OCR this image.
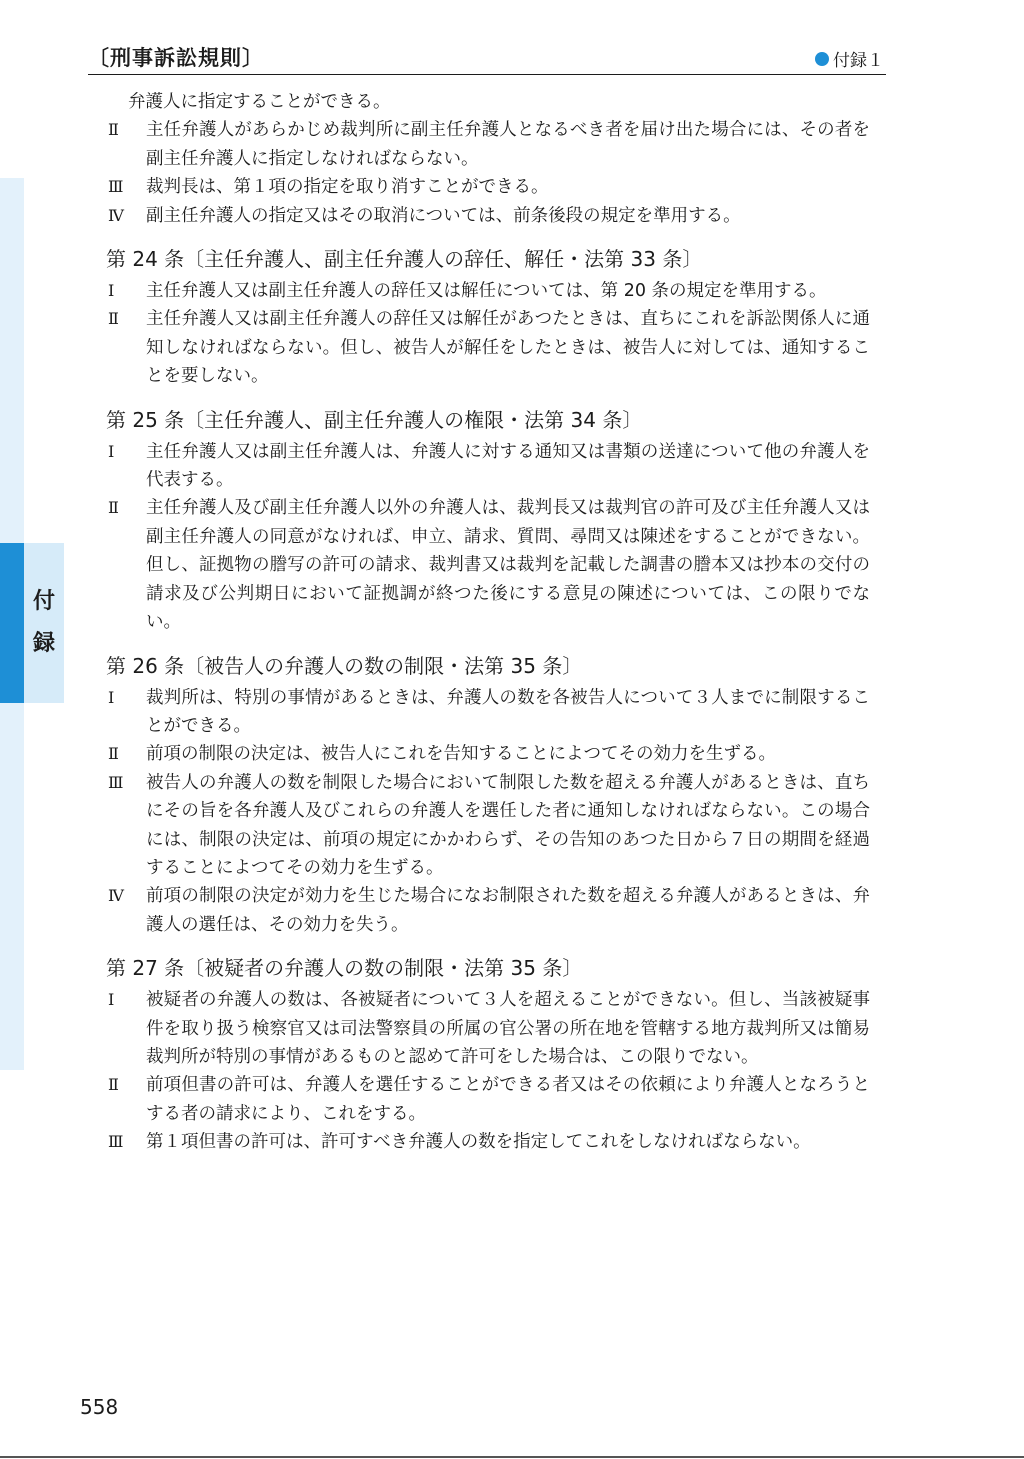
〔刑事訴訟規則〕	付録１
付
録
弁護人に指定することができる。
Ⅱ	主任弁護人があらかじめ裁判所に副主任弁護人となるべき者を届け出た場合には、その者を副主任弁護人に指定しなければならない。
Ⅲ	裁判長は、第１項の指定を取り消すことができる。
Ⅳ	副主任弁護人の指定又はその取消については、前条後段の規定を準用する。
第 24 条〔主任弁護人、副主任弁護人の辞任、解任・法第 33 条〕
Ⅰ	主任弁護人又は副主任弁護人の辞任又は解任については、第 20 条の規定を準用する。
Ⅱ	主任弁護人又は副主任弁護人の辞任又は解任があつたときは、直ちにこれを訴訟関係人に通知しなければならない。但し、被告人が解任をしたときは、被告人に対しては、通知することを要しない。
第 25 条〔主任弁護人、副主任弁護人の権限・法第 34 条〕
Ⅰ	主任弁護人又は副主任弁護人は、弁護人に対する通知又は書類の送達について他の弁護人を代表する。
Ⅱ	主任弁護人及び副主任弁護人以外の弁護人は、裁判長又は裁判官の許可及び主任弁護人又は副主任弁護人の同意がなければ、申立、請求、質問、尋問又は陳述をすることができない。但し、証拠物の謄写の許可の請求、裁判書又は裁判を記載した調書の謄本又は抄本の交付の請求及び公判期日において証拠調が終つた後にする意見の陳述については、この限りでない。
第 26 条〔被告人の弁護人の数の制限・法第 35 条〕
Ⅰ	裁判所は、特別の事情があるときは、弁護人の数を各被告人について３人までに制限することができる。
Ⅱ	前項の制限の決定は、被告人にこれを告知することによつてその効力を生ずる。
Ⅲ	被告人の弁護人の数を制限した場合において制限した数を超える弁護人があるときは、直ちにその旨を各弁護人及びこれらの弁護人を選任した者に通知しなければならない。この場合には、制限の決定は、前項の規定にかかわらず、その告知のあつた日から７日の期間を経過することによつてその効力を生ずる。
Ⅳ	前項の制限の決定が効力を生じた場合になお制限された数を超える弁護人があるときは、弁護人の選任は、その効力を失う。
第 27 条〔被疑者の弁護人の数の制限・法第 35 条〕
Ⅰ	被疑者の弁護人の数は、各被疑者について３人を超えることができない。但し、当該被疑事件を取り扱う検察官又は司法警察員の所属の官公署の所在地を管轄する地方裁判所又は簡易裁判所が特別の事情があるものと認めて許可をした場合は、この限りでない。
Ⅱ	前項但書の許可は、弁護人を選任することができる者又はその依頼により弁護人となろうとする者の請求により、これをする。
Ⅲ	第１項但書の許可は、許可すべき弁護人の数を指定してこれをしなければならない。
558
